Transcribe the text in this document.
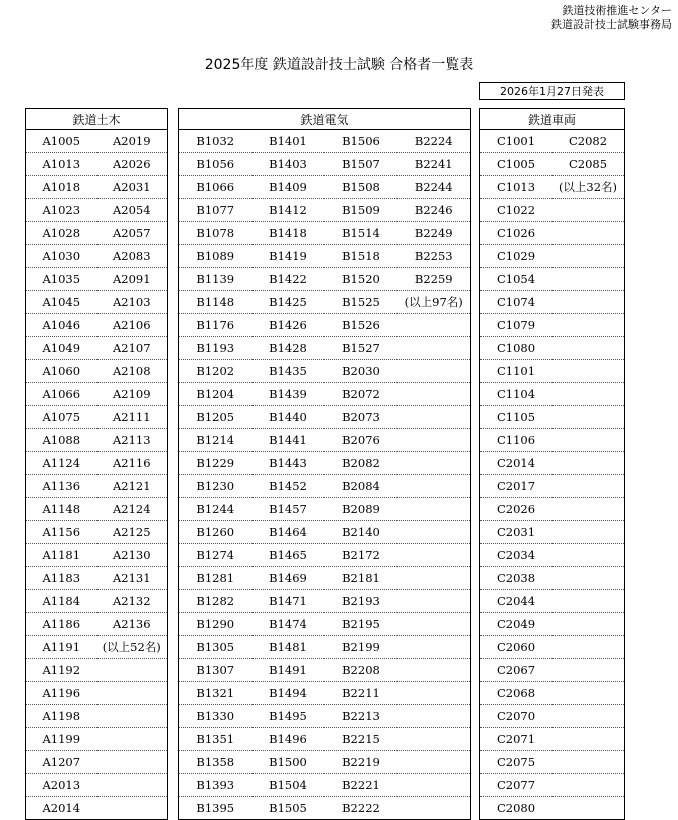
鉄道技術推進センター
鉄道設計技士試験事務局
2025年度 鉄道設計技士試験 合格者一覧表
2026年1月27日発表
鉄道土木	
A1005	A2019
A1013	A2026
A1018	A2031
A1023	A2054
A1028	A2057
A1030	A2083
A1035	A2091
A1045	A2103
A1046	A2106
A1049	A2107
A1060	A2108
A1066	A2109
A1075	A2111
A1088	A2113
A1124	A2116
A1136	A2121
A1148	A2124
A1156	A2125
A1181	A2130
A1183	A2131
A1184	A2132
A1186	A2136
A1191	(以上52名)
A1192	
A1196	
A1198	
A1199	
A1207	
A2013	
A2014	
鉄道電気			
B1032	B1401	B1506	B2224
B1056	B1403	B1507	B2241
B1066	B1409	B1508	B2244
B1077	B1412	B1509	B2246
B1078	B1418	B1514	B2249
B1089	B1419	B1518	B2253
B1139	B1422	B1520	B2259
B1148	B1425	B1525	(以上97名)
B1176	B1426	B1526	
B1193	B1428	B1527	
B1202	B1435	B2030	
B1204	B1439	B2072	
B1205	B1440	B2073	
B1214	B1441	B2076	
B1229	B1443	B2082	
B1230	B1452	B2084	
B1244	B1457	B2089	
B1260	B1464	B2140	
B1274	B1465	B2172	
B1281	B1469	B2181	
B1282	B1471	B2193	
B1290	B1474	B2195	
B1305	B1481	B2199	
B1307	B1491	B2208	
B1321	B1494	B2211	
B1330	B1495	B2213	
B1351	B1496	B2215	
B1358	B1500	B2219	
B1393	B1504	B2221	
B1395	B1505	B2222	
鉄道車両	
C1001	C2082
C1005	C2085
C1013	(以上32名)
C1022	
C1026	
C1029	
C1054	
C1074	
C1079	
C1080	
C1101	
C1104	
C1105	
C1106	
C2014	
C2017	
C2026	
C2031	
C2034	
C2038	
C2044	
C2049	
C2060	
C2067	
C2068	
C2070	
C2071	
C2075	
C2077	
C2080	
